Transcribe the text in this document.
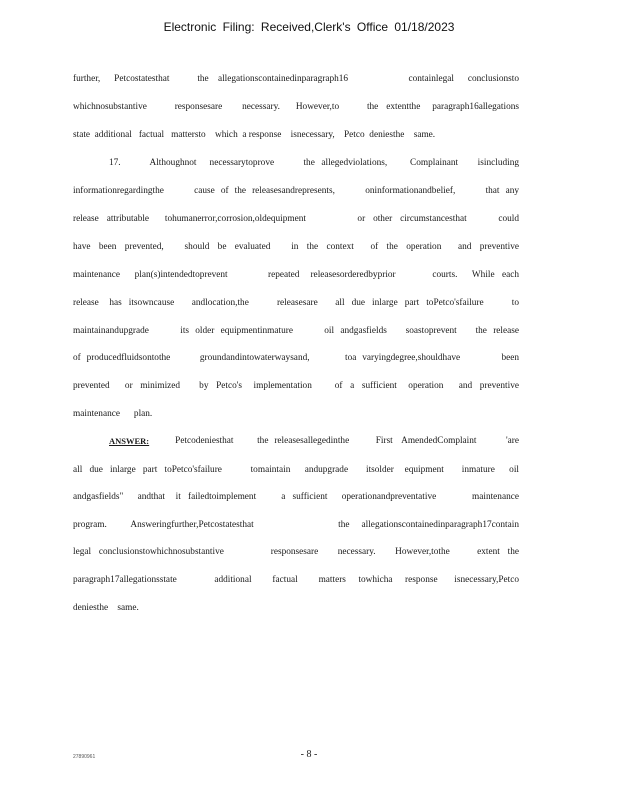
Electronic Filing: Received,Clerk's Office 01/18/2023
further,   Petcostatesthat      the  allegationscontainedinparagraph16             containlegal   conclusionsto
whichnosubstantive       responsesare     necessary.    However,to       the  extentthe   paragraph16allegations
state  additional   factual   mattersto    which  a response    isnecessary,    Petco  deniesthe    same.
17.         Althoughnot    necessarytoprove         the  allegedviolations,       Complainant      isincluding
informationregardingthe          cause  of  the  releasesandrepresents,          oninformationandbelief,          that  any
release  attributable    tohumanerror,corrosion,oldequipment             or  other  circumstancesthat        could
have  been  prevented,     should  be  evaluated     in  the  context    of  the  operation    and  preventive
maintenance    plan(s)intendedtoprevent           repeated   releasesorderedbyprior          courts.    While  each
release   has  itsowncause     andlocation,the        releasesare     all  due  inlarge  part  toPetco'sfailure        to
maintainandupgrade          its  older  equipmentinmature          oil  andgasfields      soastoprevent      the  release
of  producedfluidsontothe          groundandintowaterwaysand,            toa  varyingdegree,shouldhave              been
prevented    or  minimized     by  Petco's   implementation      of  a  sufficient   operation    and  preventive
maintenance      plan.
ANSWER:	Petcodeniesthat        the  releasesallegedinthe         First   AmendedComplaint          'are
all  due  inlarge  part  toPetco'sfailure        tomaintain    andupgrade     itsolder   equipment     inmature    oil
andgasfields"    andthat   it  failedtoimplement       a  sufficient    operationandpreventative          maintenance
program.    Answeringfurther,Petcostatesthat              the  allegationscontainedinparagraph17contain
legal  conclusionstowhichnosubstantive            responsesare     necessary.     However,tothe       extent  the
paragraph17allegationsstate         additional     factual     matters   towhicha   response    isnecessary,Petco
deniesthe    same.
27890961	- 8 -
